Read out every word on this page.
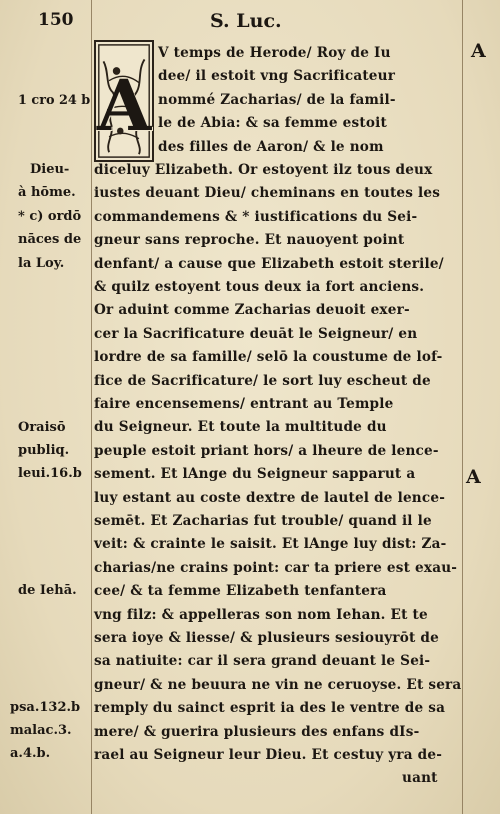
150	S. Luc.
A
A
V temps de Herode/ Roy de Iu
dee/ il estoit vng Sacrificateur
nommé Zacharias/ de la famil-
le de Abia: & sa femme estoit
des filles de Aaron/ & le nom
diceluy Elizabeth. Or estoyent ilz tous deux
iustes deuant Dieu/ cheminans en toutes les
commandemens & * iustifications du Sei-
gneur sans reproche. Et nauoyent point
denfant/ a cause que Elizabeth estoit sterile/
& quilz estoyent tous deux ia fort anciens.
Or aduint comme Zacharias deuoit exer-
cer la Sacrificature deuāt le Seigneur/ en
lordre de sa famille/ selō la coustume de lof-
fice de Sacrificature/ le sort luy escheut de
faire encensemens/ entrant au Temple
du Seigneur. Et toute la multitude du
peuple estoit priant hors/ a lheure de lence-
sement. Et lAnge du Seigneur sapparut a
luy estant au coste dextre de lautel de lence-
semēt. Et Zacharias fut trouble/ quand il le
veit: & crainte le saisit. Et lAnge luy dist: Za-
charias/ne crains point: car ta priere est exau-
cee/ & ta femme Elizabeth tenfantera
vng filz: & appelleras son nom Iehan. Et te
sera ioye & liesse/ & plusieurs sesiouyrōt de
sa natiuite: car il sera grand deuant le Sei-
gneur/ & ne beuura ne vin ne ceruoyse. Et sera
remply du sainct esprit ia des le ventre de sa
mere/ & guerira plusieurs des enfans dIs-
rael au Seigneur leur Dieu. Et cestuy yra de-
uant
1 cro 24 b
Dieu-
à hōme.
* c) ordō
nāces de
la Loy.
Oraisō
publiq.
leui.16.b	A
de Iehā.
psa.132.b
malac.3.
a.4.b.
